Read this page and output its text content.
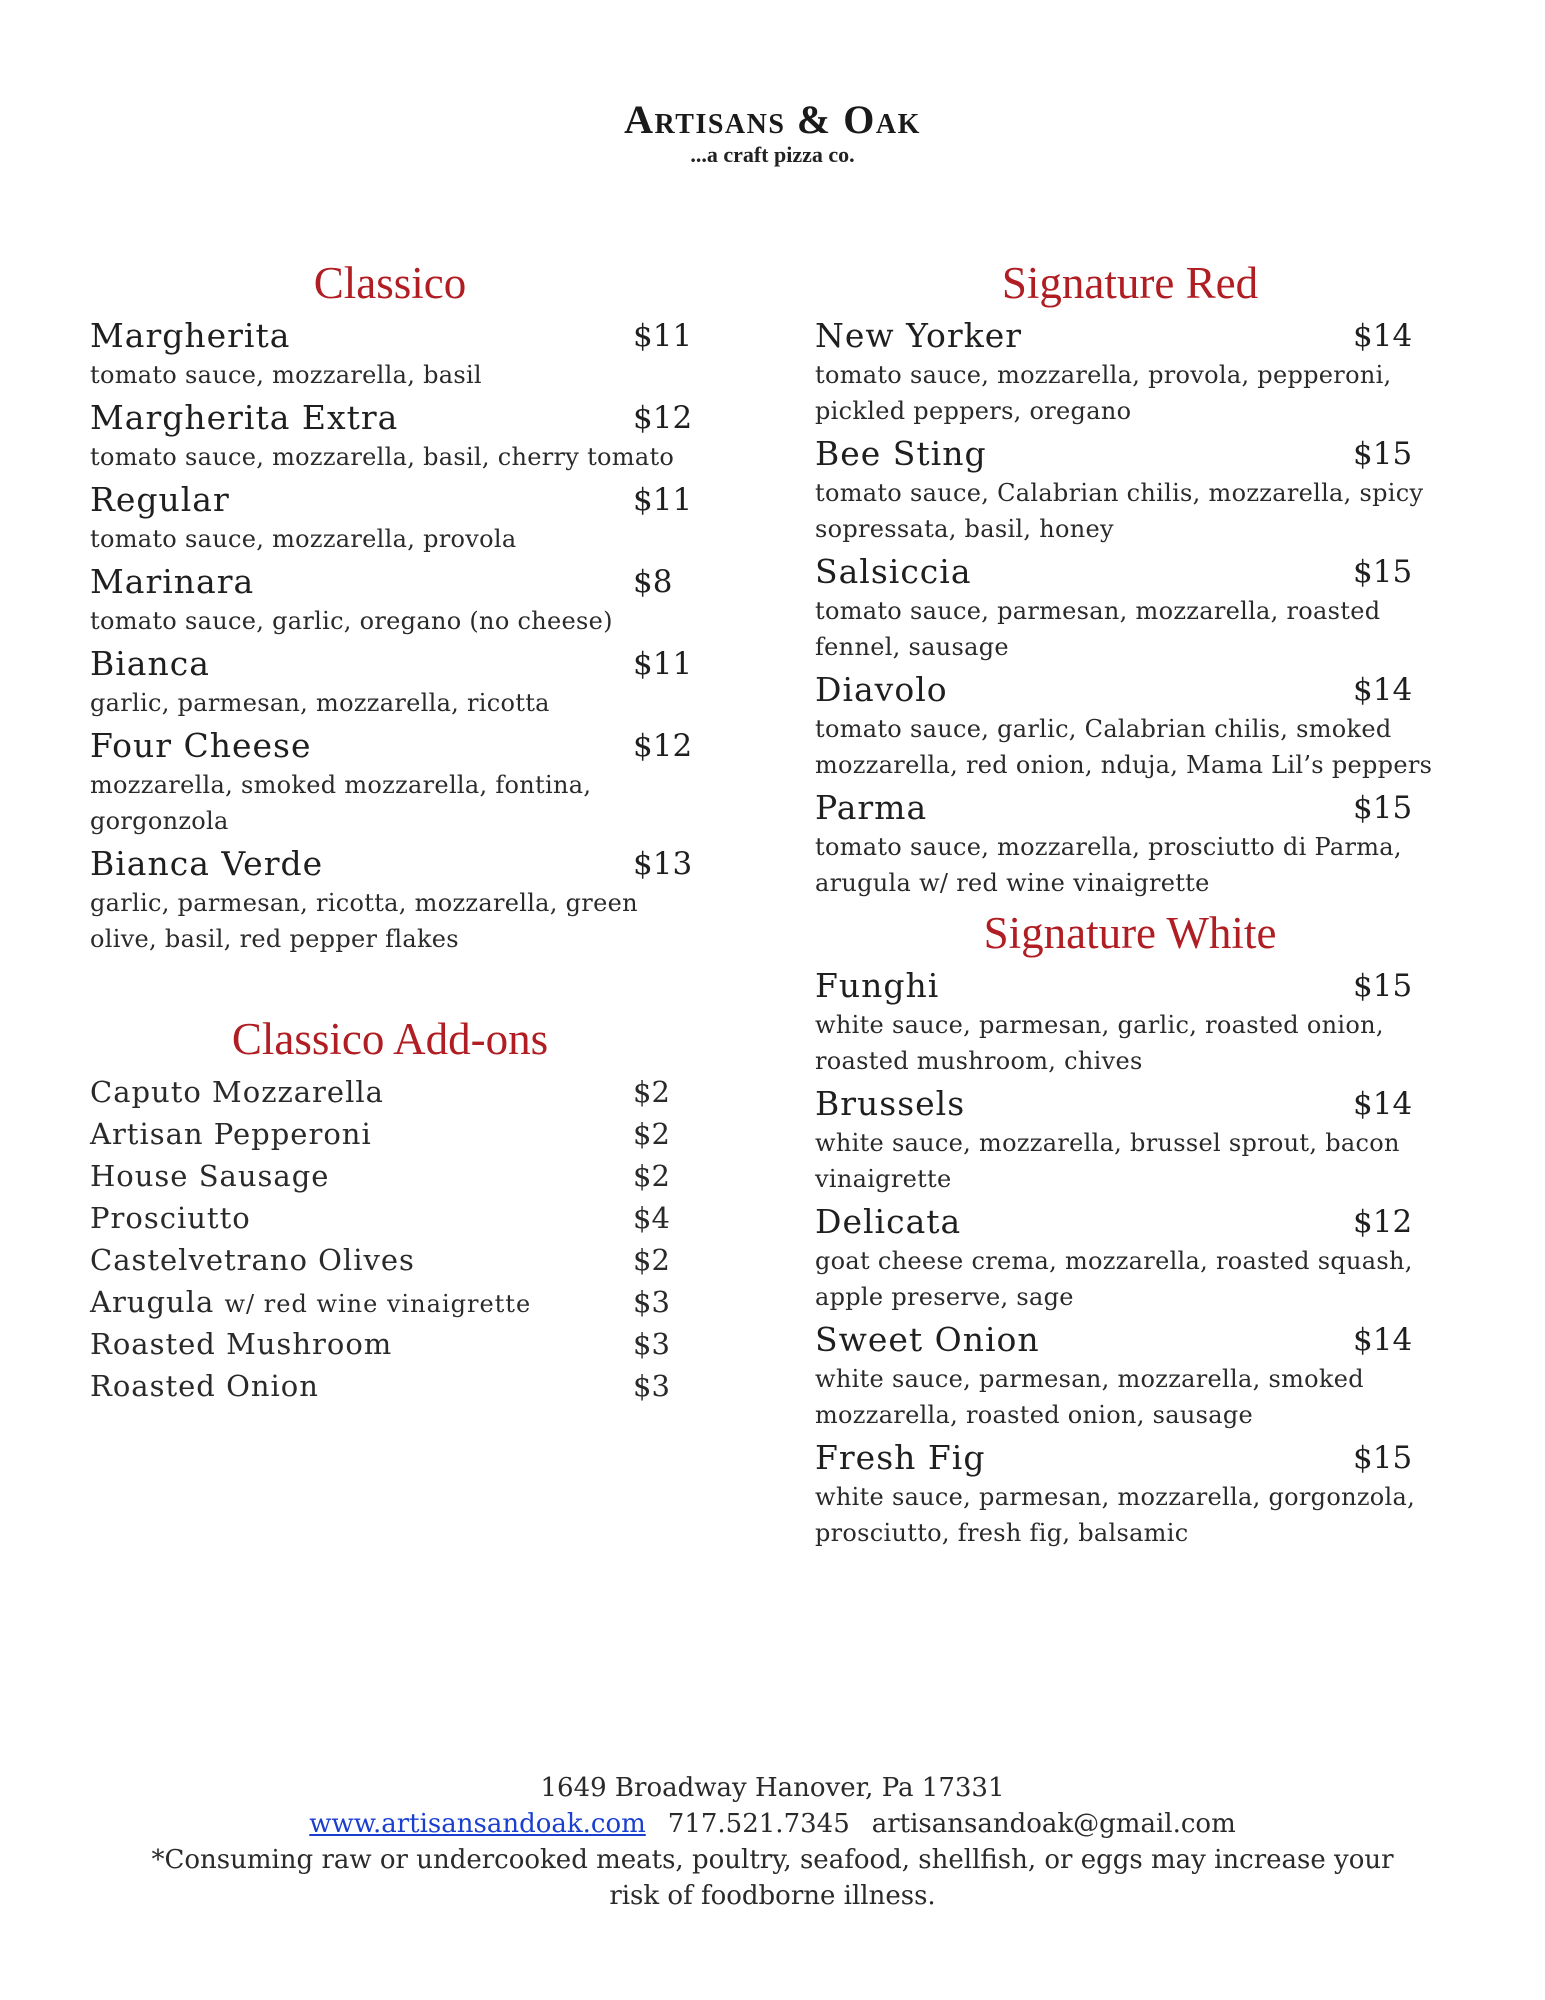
Artisans & Oak
...a craft pizza co.
Classico
Margherita	$11
tomato sauce, mozzarella, basil
Margherita Extra	$12
tomato sauce, mozzarella, basil, cherry tomato
Regular	$11
tomato sauce, mozzarella, provola
Marinara	$8
tomato sauce, garlic, oregano (no cheese)
Bianca	$11
garlic, parmesan, mozzarella, ricotta
Four Cheese	$12
mozzarella, smoked mozzarella, fontina, gorgonzola
Bianca Verde	$13
garlic, parmesan, ricotta, mozzarella, green olive, basil, red pepper flakes
Classico Add-ons
Caputo Mozzarella	$2
Artisan Pepperoni	$2
House Sausage	$2
Prosciutto	$4
Castelvetrano Olives	$2
Arugula w/ red wine vinaigrette	$3
Roasted Mushroom	$3
Roasted Onion	$3
Signature Red
New Yorker	$14
tomato sauce, mozzarella, provola, pepperoni, pickled peppers, oregano
Bee Sting	$15
tomato sauce, Calabrian chilis, mozzarella, spicy sopressata, basil, honey
Salsiccia	$15
tomato sauce, parmesan, mozzarella, roasted fennel, sausage
Diavolo	$14
tomato sauce, garlic, Calabrian chilis, smoked mozzarella, red onion, nduja, Mama Lil’s peppers
Parma	$15
tomato sauce, mozzarella, prosciutto di Parma, arugula w/ red wine vinaigrette
Signature White
Funghi	$15
white sauce, parmesan, garlic, roasted onion, roasted mushroom, chives
Brussels	$14
white sauce, mozzarella, brussel sprout, bacon vinaigrette
Delicata	$12
goat cheese crema, mozzarella, roasted squash, apple preserve, sage
Sweet Onion	$14
white sauce, parmesan, mozzarella, smoked mozzarella, roasted onion, sausage
Fresh Fig	$15
white sauce, parmesan, mozzarella, gorgonzola, prosciutto, fresh fig, balsamic
1649 Broadway Hanover, Pa 17331
www.artisansandoak.com 717.521.7345 artisansandoak@gmail.com
*Consuming raw or undercooked meats, poultry, seafood, shellfish, or eggs may increase your risk of foodborne illness.
